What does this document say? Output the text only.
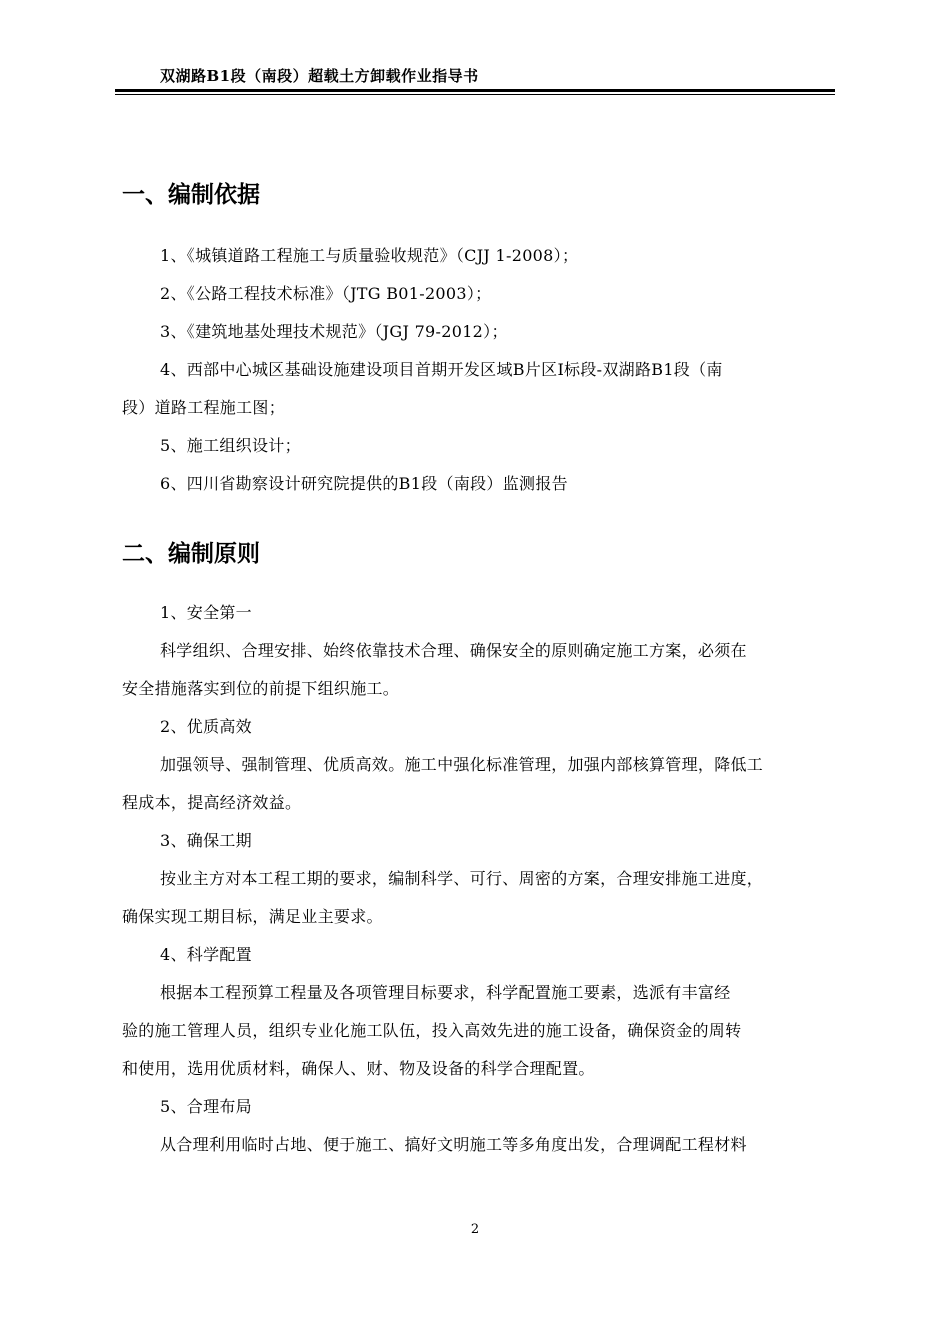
双湖路B1段（南段）超载土方卸载作业指导书
一、编制依据
1、《城镇道路工程施工与质量验收规范》（CJJ 1-2008）；
2、《公路工程技术标准》（JTG B01-2003）；
3、《建筑地基处理技术规范》（JGJ 79-2012）；
4、西部中心城区基础设施建设项目首期开发区域B片区Ⅰ标段-双湖路B1段（南
段）道路工程施工图；
5、施工组织设计；
6、四川省勘察设计研究院提供的B1段（南段）监测报告
二、编制原则
1、安全第一
科学组织、合理安排、始终依靠技术合理、确保安全的原则确定施工方案，必须在
安全措施落实到位的前提下组织施工。
2、优质高效
加强领导、强制管理、优质高效。施工中强化标准管理，加强内部核算管理，降低工
程成本，提高经济效益。
3、确保工期
按业主方对本工程工期的要求，编制科学、可行、周密的方案，合理安排施工进度，
确保实现工期目标，满足业主要求。
4、科学配置
根据本工程预算工程量及各项管理目标要求，科学配置施工要素，选派有丰富经
验的施工管理人员，组织专业化施工队伍，投入高效先进的施工设备，确保资金的周转
和使用，选用优质材料，确保人、财、物及设备的科学合理配置。
5、合理布局
从合理利用临时占地、便于施工、搞好文明施工等多角度出发，合理调配工程材料
2
